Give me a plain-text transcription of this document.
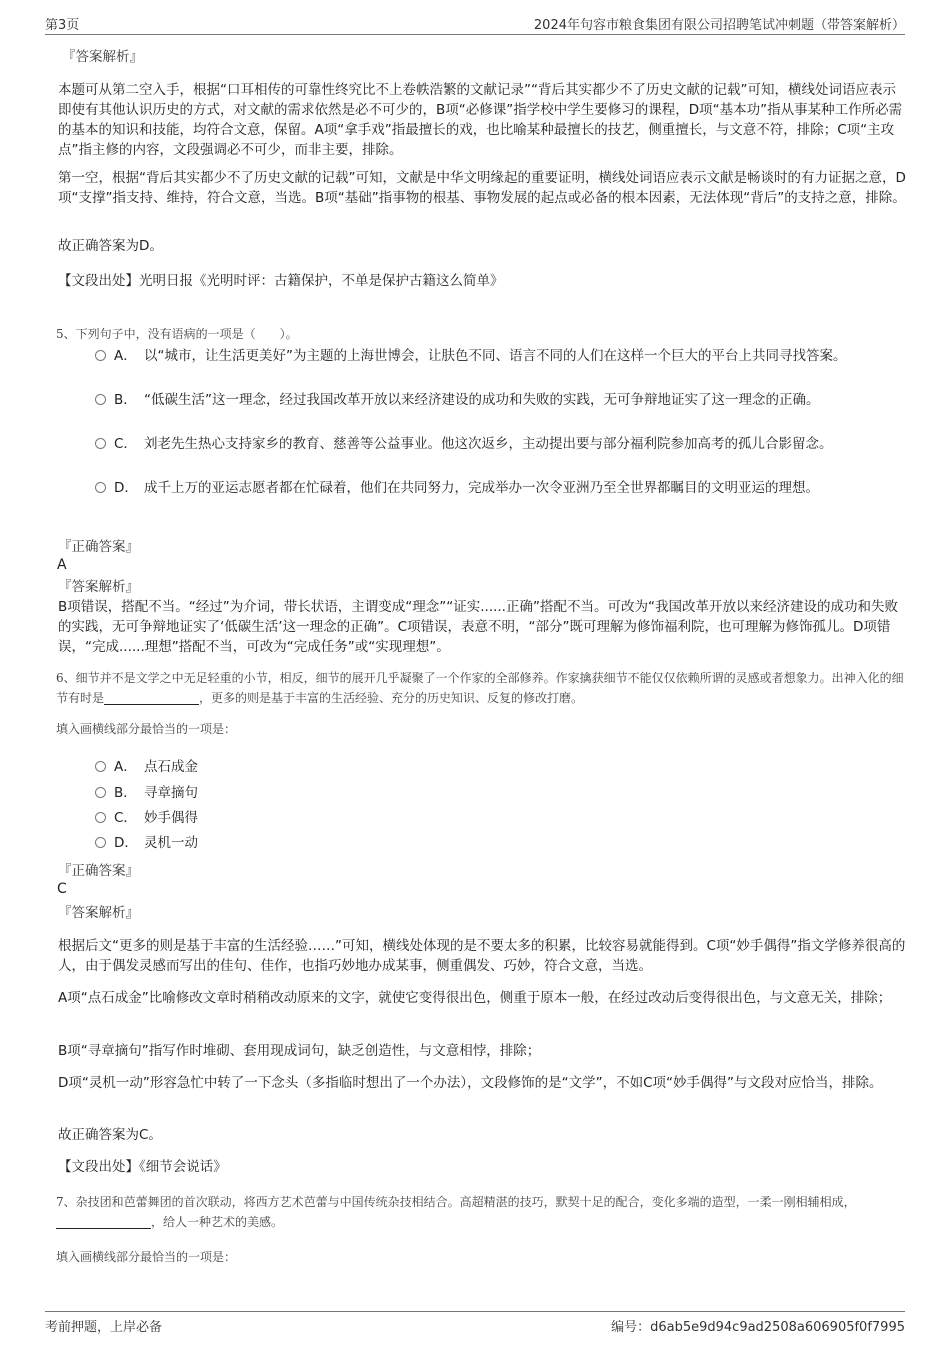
第3页	2024年句容市粮食集团有限公司招聘笔试冲刺题（带答案解析）
『答案解析』
本题可从第二空入手，根据“口耳相传的可靠性终究比不上卷帙浩繁的文献记录”“背后其实都少不了历史文献的记载”可知，横线处词语应表示即使有其他认识历史的方式，对文献的需求依然是必不可少的，B项“必修课”指学校中学生要修习的课程，D项“基本功”指从事某种工作所必需的基本的知识和技能，均符合文意，保留。A项“拿手戏”指最擅长的戏，也比喻某种最擅长的技艺，侧重擅长，与文意不符，排除；C项“主攻点”指主修的内容，文段强调必不可少，而非主要，排除。
第一空，根据“背后其实都少不了历史文献的记载”可知，文献是中华文明缘起的重要证明，横线处词语应表示文献是畅谈时的有力证据之意，D项“支撑”指支持、维持，符合文意，当选。B项“基础”指事物的根基、事物发展的起点或必备的根本因素，无法体现“背后”的支持之意，排除。
故正确答案为D。
【文段出处】光明日报《光明时评：古籍保护，不单是保护古籍这么简单》
5、下列句子中，没有语病的一项是（　　）。
A． 以“城市，让生活更美好”为主题的上海世博会，让肤色不同、语言不同的人们在这样一个巨大的平台上共同寻找答案。
B． “低碳生活”这一理念，经过我国改革开放以来经济建设的成功和失败的实践，无可争辩地证实了这一理念的正确。
C． 刘老先生热心支持家乡的教育、慈善等公益事业。他这次返乡，主动提出要与部分福利院参加高考的孤儿合影留念。
D． 成千上万的亚运志愿者都在忙碌着，他们在共同努力，完成举办一次令亚洲乃至全世界都瞩目的文明亚运的理想。
『正确答案』
A
『答案解析』
B项错误，搭配不当。“经过”为介词，带长状语，主谓变成“理念”“证实......正确”搭配不当。可改为“我国改革开放以来经济建设的成功和失败的实践，无可争辩地证实了‘低碳生活’这一理念的正确”。C项错误，表意不明，“部分”既可理解为修饰福利院，也可理解为修饰孤儿。D项错误，“完成......理想”搭配不当，可改为“完成任务”或“实现理想”。
6、细节并不是文学之中无足轻重的小节，相反，细节的展开几乎凝聚了一个作家的全部修养。作家擒获细节不能仅仅依赖所谓的灵感或者想象力。出神入化的细节有时是	，更多的则是基于丰富的生活经验、充分的历史知识、反复的修改打磨。
填入画横线部分最恰当的一项是：
A． 点石成金
B． 寻章摘句
C． 妙手偶得
D． 灵机一动
『正确答案』
C
『答案解析』
根据后文“更多的则是基于丰富的生活经验……”可知，横线处体现的是不要太多的积累，比较容易就能得到。C项“妙手偶得”指文学修养很高的人，由于偶发灵感而写出的佳句、佳作，也指巧妙地办成某事，侧重偶发、巧妙，符合文意，当选。
A项“点石成金”比喻修改文章时稍稍改动原来的文字，就使它变得很出色，侧重于原本一般，在经过改动后变得很出色，与文意无关，排除；
B项“寻章摘句”指写作时堆砌、套用现成词句，缺乏创造性，与文意相悖，排除；
D项“灵机一动”形容急忙中转了一下念头（多指临时想出了一个办法），文段修饰的是“文学”，不如C项“妙手偶得”与文段对应恰当，排除。
故正确答案为C。
【文段出处】《细节会说话》
7、杂技团和芭蕾舞团的首次联动，将西方艺术芭蕾与中国传统杂技相结合。高超精湛的技巧，默契十足的配合，变化多端的造型，一柔一刚相辅相成，，给人一种艺术的美感。
填入画横线部分最恰当的一项是：
考前押题，上岸必备	编号：d6ab5e9d94c9ad2508a606905f0f7995
